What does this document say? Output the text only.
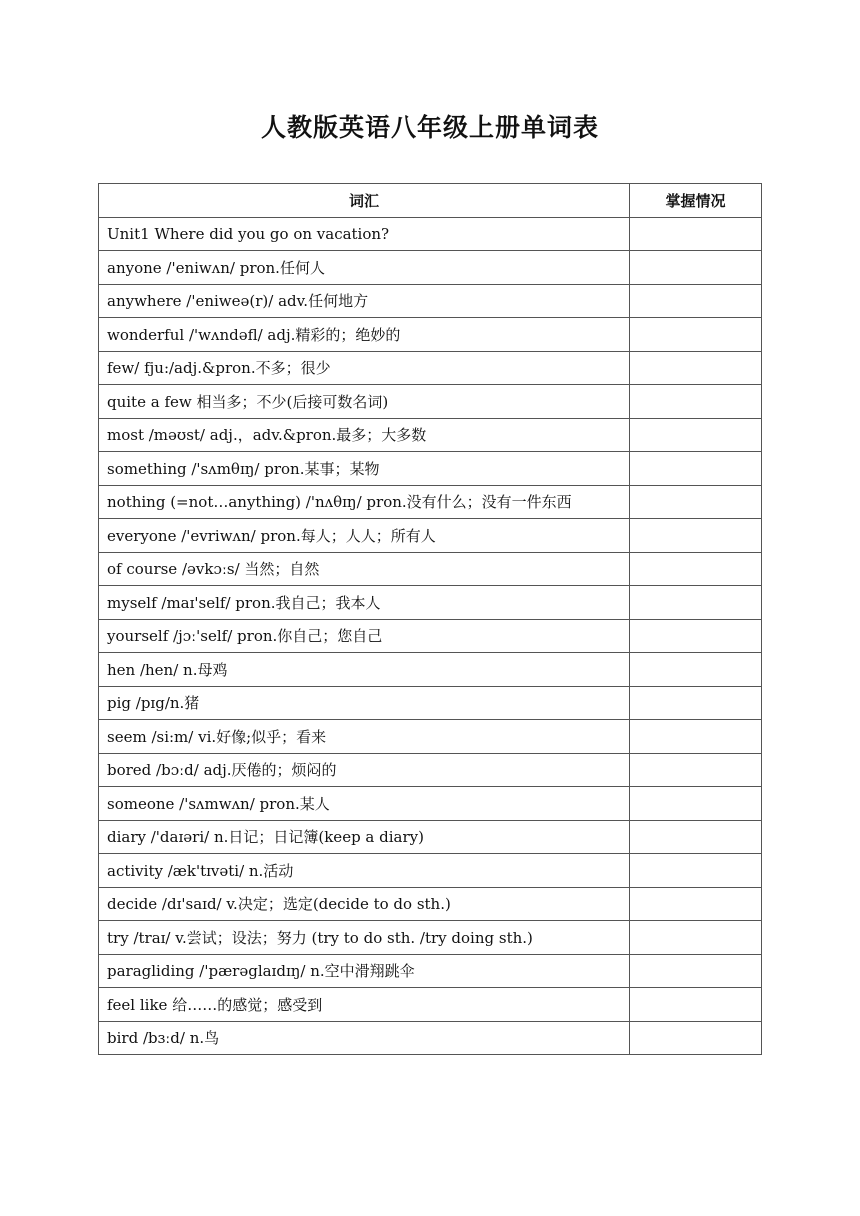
人教版英语八年级上册单词表
词汇	掌握情况
Unit1 Where did you go on vacation?	
anyone /'eniwʌn/ pron.任何人	
anywhere /'eniweə(r)/ adv.任何地方	
wonderful /'wʌndəfl/ adj.精彩的；绝妙的	
few/ fju:/adj.&pron.不多；很少	
quite a few 相当多；不少(后接可数名词)	
most /məʊst/ adj.，adv.&pron.最多；大多数	
something /'sʌmθɪŋ/ pron.某事；某物	
nothing (=not…anything) /'nʌθɪŋ/ pron.没有什么；没有一件东西	
everyone /'evriwʌn/ pron.每人；人人；所有人	
of course /əvkɔːs/ 当然；自然	
myself /maɪ'self/ pron.我自己；我本人	
yourself /jɔː'self/ pron.你自己；您自己	
hen /hen/ n.母鸡	
pig /pɪg/n.猪	
seem /si:m/ vi.好像;似乎；看来	
bored /bɔːd/ adj.厌倦的；烦闷的	
someone /'sʌmwʌn/ pron.某人	
diary /'daɪəri/ n.日记；日记簿(keep a diary)	
activity /æk'tɪvəti/ n.活动	
decide /dɪ'saɪd/ v.决定；选定(decide to do sth.)	
try /traɪ/ v.尝试；设法；努力 (try to do sth. /try doing sth.)	
paragliding /'pærəglaɪdɪŋ/ n.空中滑翔跳伞	
feel like 给……的感觉；感受到	
bird /bɜːd/ n.鸟	
